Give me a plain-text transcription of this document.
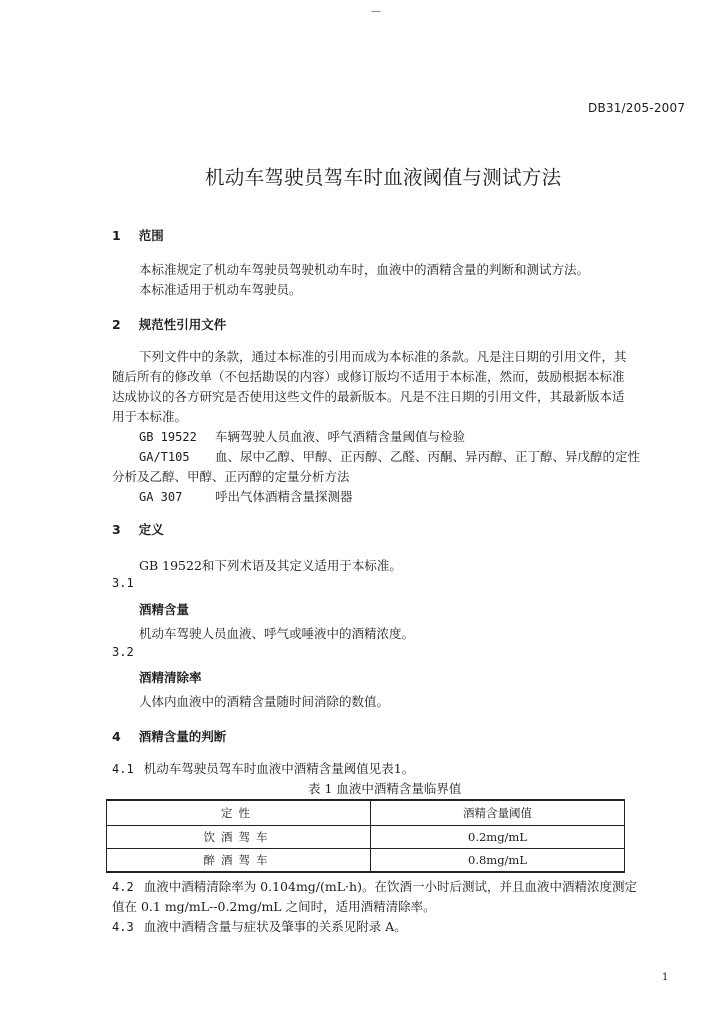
—
DB31/205-2007
机动车驾驶员驾车时血液阈值与测试方法
1 范围
本标准规定了机动车驾驶员驾驶机动车时，血液中的酒精含量的判断和测试方法。
本标准适用于机动车驾驶员。
2 规范性引用文件
下列文件中的条款，通过本标准的引用而成为本标准的条款。凡是注日期的引用文件，其
随后所有的修改单（不包括勘误的内容）或修订版均不适用于本标准，然而，鼓励根据本标准
达成协议的各方研究是否使用这些文件的最新版本。凡是不注日期的引用文件，其最新版本适
用于本标准。
GB 19522 车辆驾驶人员血液、呼气酒精含量阈值与检验
GA/T105 血、尿中乙醇、甲醇、正丙醇、乙醛、丙酮、异丙醇、正丁醇、异戊醇的定性
分析及乙醇、甲醇、正丙醇的定量分析方法
GA 307	呼出气体酒精含量探测器
3 定义
GB 19522和下列术语及其定义适用于本标准。
3.1
酒精含量
机动车驾驶人员血液、呼气或唾液中的酒精浓度。
3.2
酒精清除率
人体内血液中的酒精含量随时间消除的数值。
4 酒精含量的判断
4.1 机动车驾驶员驾车时血液中酒精含量阈值见表1。
表 1 血液中酒精含量临界值
定性	酒精含量阈值
饮酒驾车	0.2mg/mL
醉酒驾车	0.8mg/mL
4.2 血液中酒精清除率为 0.104mg/(mL·h)。在饮酒一小时后测试，并且血液中酒精浓度测定
值在 0.1 mg/mL--0.2mg/mL 之间时，适用酒精清除率。
4.3 血液中酒精含量与症状及肇事的关系见附录 A。
1
